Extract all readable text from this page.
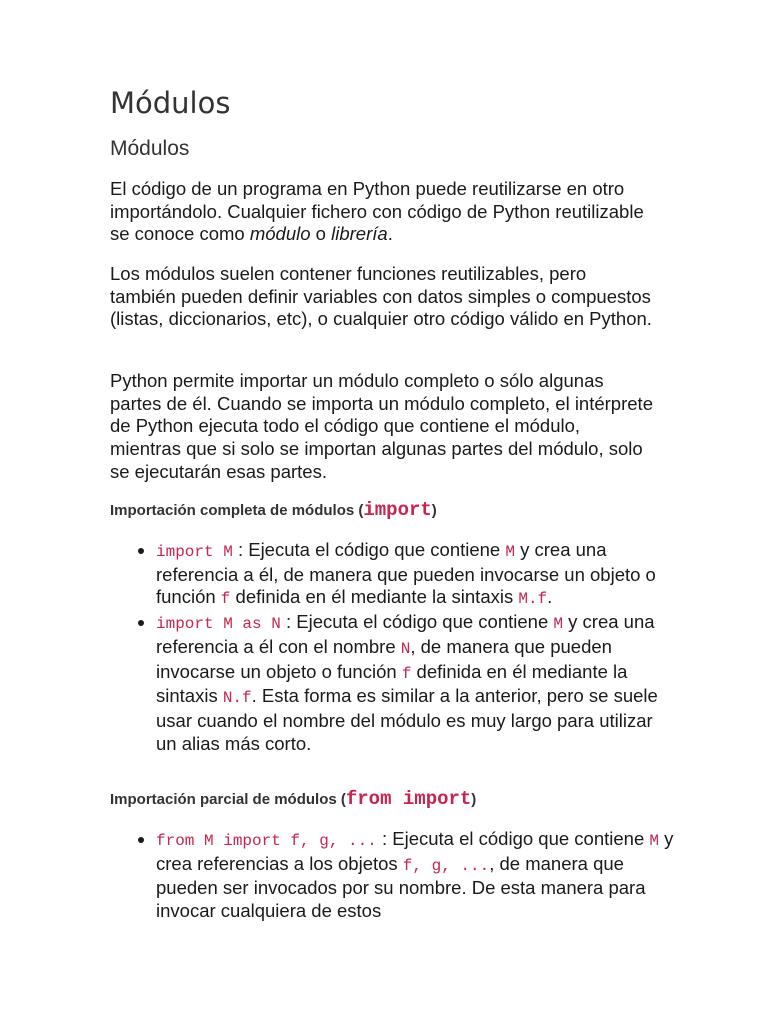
Módulos
Módulos

El código de un programa en Python puede reutilizarse en otro importándolo. Cualquier fichero con código de Python reutilizable se conoce como módulo o librería.

Los módulos suelen contener funciones reutilizables, pero también pueden definir variables con datos simples o compuestos (listas, diccionarios, etc), o cualquier otro código válido en Python.

Python permite importar un módulo completo o sólo algunas partes de él. Cuando se importa un módulo completo, el intérprete de Python ejecuta todo el código que contiene el módulo, mientras que si solo se importan algunas partes del módulo, solo se ejecutarán esas partes.

Importación completa de módulos (import)
• import M : Ejecuta el código que contiene M y crea una referencia a él, de manera que pueden invocarse un objeto o función f definida en él mediante la sintaxis M.f.
• import M as N : Ejecuta el código que contiene M y crea una referencia a él con el nombre N, de manera que pueden invocarse un objeto o función f definida en él mediante la sintaxis N.f. Esta forma es similar a la anterior, pero se suele usar cuando el nombre del módulo es muy largo para utilizar un alias más corto.
Importación parcial de módulos (from import)
• from M import f, g, ... : Ejecuta el código que contiene M y crea referencias a los objetos f, g, ..., de manera que pueden ser invocados por su nombre. De esta manera para invocar cualquiera de estos
